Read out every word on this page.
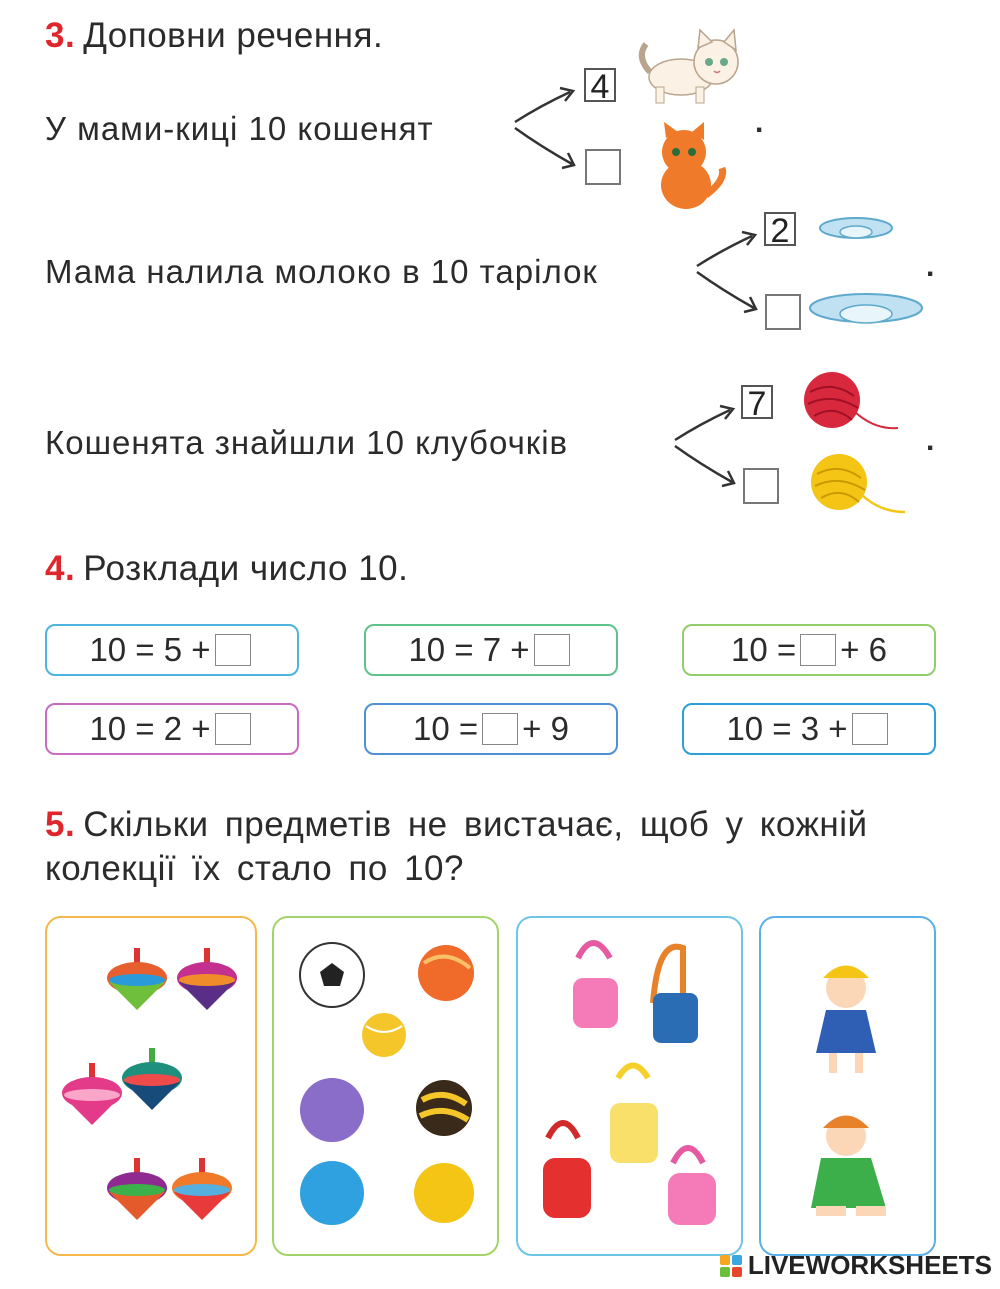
3. Доповни речення.
У мами-киці 10 кошенят
4
.
Мама налила молоко в 10 тарілок
2
.
Кошенята знайшли 10 клубочків
7
.
4. Розклади число 10.
10 = 5 +	10 = 7 +	10 = + 6
10 = 2 +	10 = + 9	10 = 3 +
5. Скільки предметів не вистачає, щоб у кожній
колекції їх стало по 10?
LIVEWORKSHEETS
